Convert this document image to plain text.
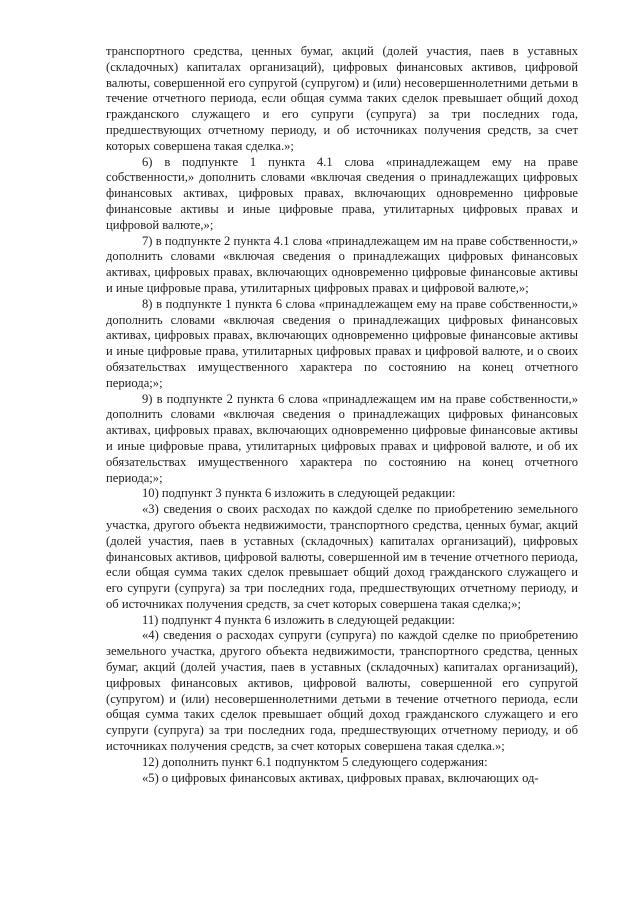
транспортного средства, ценных бумаг, акций (долей участия, паев в уставных (складочных) капиталах организаций), цифровых финансовых активов, цифровой валюты, совершенной его супругой (супругом) и (или) несовершеннолетними детьми в течение отчетного периода, если общая сумма таких сделок превышает общий доход гражданского служащего и его супруги (супруга) за три последних года, предшествующих отчетному периоду, и об источниках получения средств, за счет которых совершена такая сделка.»;

6) в подпункте 1 пункта 4.1 слова «принадлежащем ему на праве собственности,» дополнить словами «включая сведения о принадлежащих цифровых финансовых активах, цифровых правах, включающих одновременно цифровые финансовые активы и иные цифровые права, утилитарных цифровых правах и цифровой валюте,»;

7) в подпункте 2 пункта 4.1 слова «принадлежащем им на праве собственности,» дополнить словами «включая сведения о принадлежащих цифровых финансовых активах, цифровых правах, включающих одновременно цифровые финансовые активы и иные цифровые права, утилитарных цифровых правах и цифровой валюте,»;

8) в подпункте 1 пункта 6 слова «принадлежащем ему на праве собственности,» дополнить словами «включая сведения о принадлежащих цифровых финансовых активах, цифровых правах, включающих одновременно цифровые финансовые активы и иные цифровые права, утилитарных цифровых правах и цифровой валюте, и о своих обязательствах имущественного характера по состоянию на конец отчетного периода;»;

9) в подпункте 2 пункта 6 слова «принадлежащем им на праве собственности,» дополнить словами «включая сведения о принадлежащих цифровых финансовых активах, цифровых правах, включающих одновременно цифровые финансовые активы и иные цифровые права, утилитарных цифровых правах и цифровой валюте, и об их обязательствах имущественного характера по состоянию на конец отчетного периода;»;

10) подпункт 3 пункта 6 изложить в следующей редакции:

«3) сведения о своих расходах по каждой сделке по приобретению земельного участка, другого объекта недвижимости, транспортного средства, ценных бумаг, акций (долей участия, паев в уставных (складочных) капиталах организаций), цифровых финансовых активов, цифровой валюты, совершенной им в течение отчетного периода, если общая сумма таких сделок превышает общий доход гражданского служащего и его супруги (супруга) за три последних года, предшествующих отчетному периоду, и об источниках получения средств, за счет которых совершена такая сделка;»;

11) подпункт 4 пункта 6 изложить в следующей редакции:

«4) сведения о расходах супруги (супруга) по каждой сделке по приобретению земельного участка, другого объекта недвижимости, транспортного средства, ценных бумаг, акций (долей участия, паев в уставных (складочных) капиталах организаций), цифровых финансовых активов, цифровой валюты, совершенной его супругой (супругом) и (или) несовершеннолетними детьми в течение отчетного периода, если общая сумма таких сделок превышает общий доход гражданского служащего и его супруги (супруга) за три последних года, предшествующих отчетному периоду, и об источниках получения средств, за счет которых совершена такая сделка.»;

12) дополнить пункт 6.1 подпунктом 5 следующего содержания:

«5) о цифровых финансовых активах, цифровых правах, включающих од-
